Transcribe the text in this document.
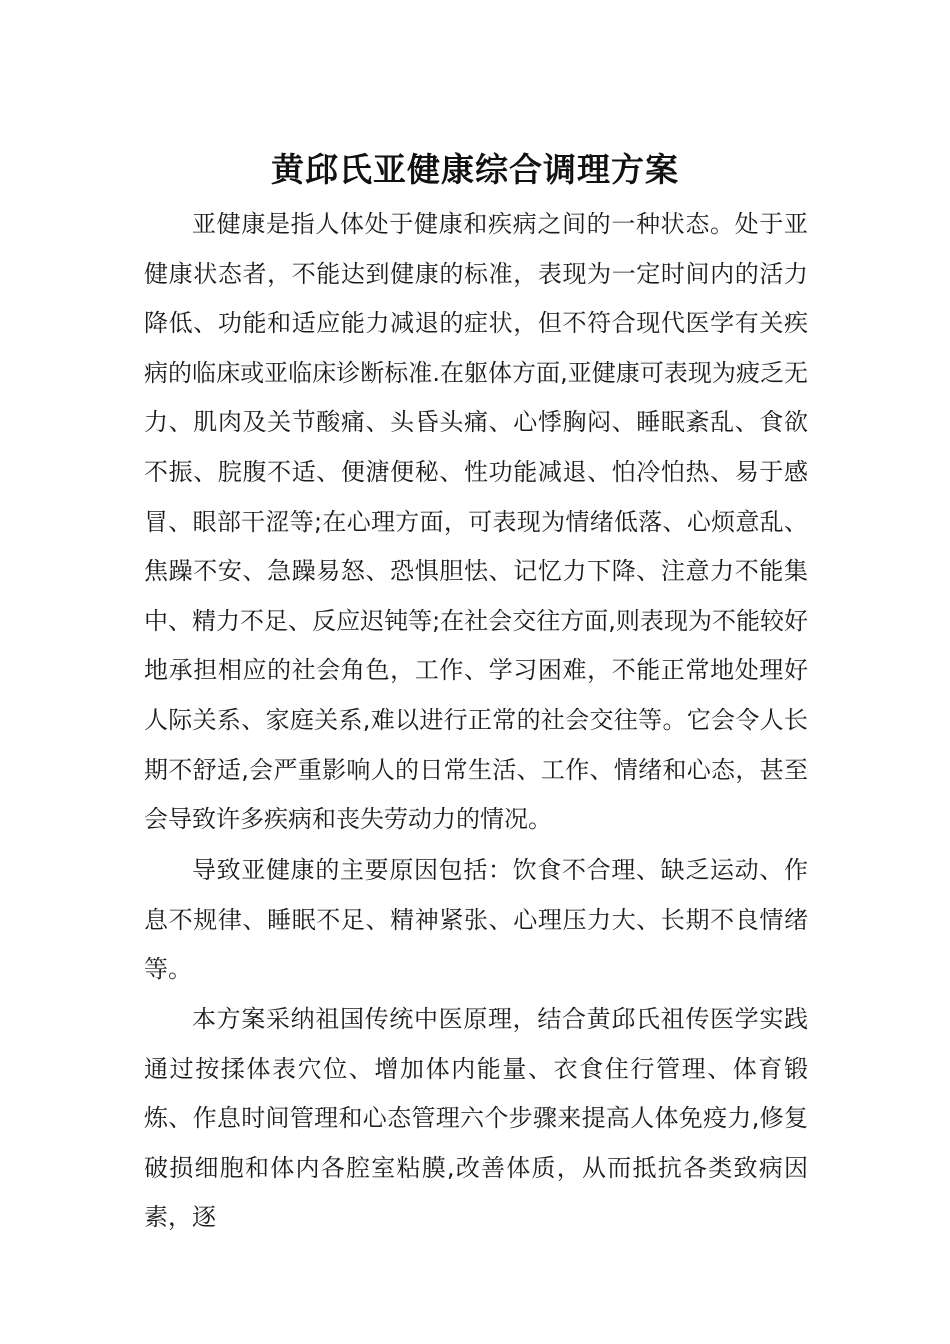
黄邱氏亚健康综合调理方案

亚健康是指人体处于健康和疾病之间的一种状态。处于亚健康状态者，不能达到健康的标准，表现为一定时间内的活力降低、功能和适应能力减退的症状，但不符合现代医学有关疾病的临床或亚临床诊断标准.在躯体方面,亚健康可表现为疲乏无力、肌肉及关节酸痛、头昏头痛、心悸胸闷、睡眠紊乱、食欲不振、脘腹不适、便溏便秘、性功能减退、怕冷怕热、易于感冒、眼部干涩等;在心理方面，可表现为情绪低落、心烦意乱、焦躁不安、急躁易怒、恐惧胆怯、记忆力下降、注意力不能集中、精力不足、反应迟钝等;在社会交往方面,则表现为不能较好地承担相应的社会角色，工作、学习困难，不能正常地处理好人际关系、家庭关系,难以进行正常的社会交往等。它会令人长期不舒适,会严重影响人的日常生活、工作、情绪和心态，甚至会导致许多疾病和丧失劳动力的情况。

导致亚健康的主要原因包括：饮食不合理、缺乏运动、作息不规律、睡眠不足、精神紧张、心理压力大、长期不良情绪等。

本方案采纳祖国传统中医原理，结合黄邱氏祖传医学实践通过按揉体表穴位、增加体内能量、衣食住行管理、体育锻炼、作息时间管理和心态管理六个步骤来提高人体免疫力,修复破损细胞和体内各腔室粘膜,改善体质，从而抵抗各类致病因素，逐
